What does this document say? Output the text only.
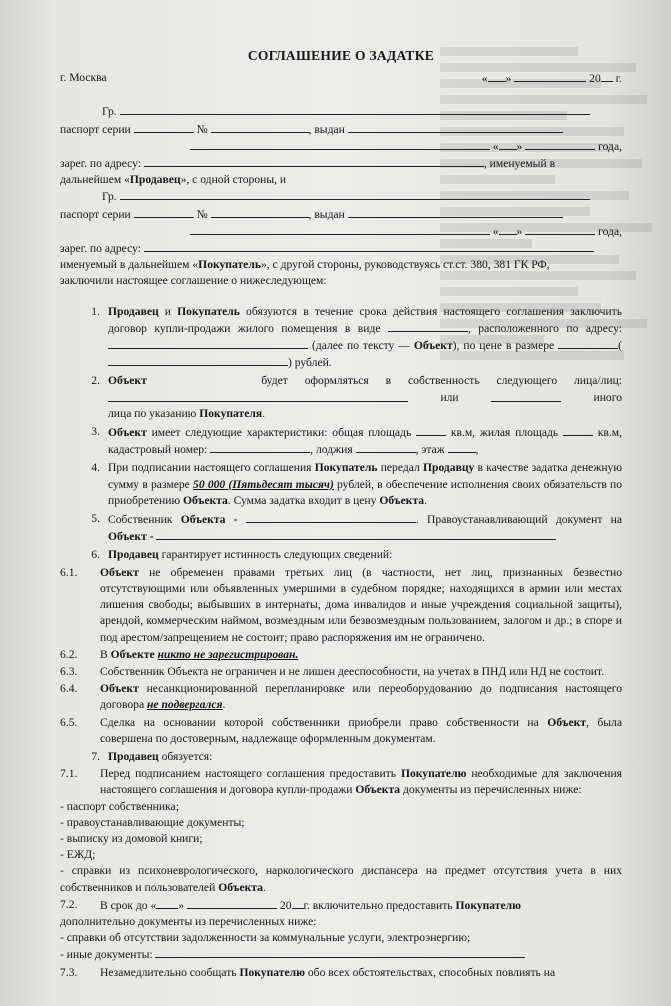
СОГЛАШЕНИЕ О ЗАДАТКЕ
г. Москва	« »	20 г.
Гр.
паспорт серии	№	, выдан
« »	года,
зарег. по адресу:	, именуемый в
дальнейшем «Продавец», с одной стороны, и
Гр.
паспорт серии	№	, выдан
« »	года,
зарег. по адресу:
именуемый в дальнейшем «Покупатель», с другой стороны, руководствуясь ст.ст. 380, 381 ГК РФ,
заключили настоящее соглашение о нижеследующем:
1. Продавец и Покупатель обязуются в течение срока действия настоящего соглашения заключить договор купли-продажи жилого помещения в виде	, расположенного по адресу:  (далее по тексту — Объект), по цене в размере	() рублей.
2. Объект	будет оформляться в собственность следующего лица/лиц:
или	иного
лица по указанию Покупателя.
3. Объект имеет следующие характеристики: общая площадь	кв.м, жилая площадь	кв.м, кадастровый номер:	, лоджия	, этаж	,
4. При подписании настоящего соглашения Покупатель передал Продавцу в качестве задатка денежную сумму в размере 50 000 (Пятьдесят тысяч) рублей, в обеспечение исполнения своих обязательств по приобретению Объекта. Сумма задатка входит в цену Объекта.
5. Собственник Объекта -	. Правоустанавливающий документ на Объект -
6. Продавец гарантирует истинность следующих сведений:
6.1.	Объект не обременен правами третьих лиц (в частности, нет лиц, признанных безвестно отсутствующими или объявленных умершими в судебном порядке; находящихся в армии или местах лишения свободы; выбывших в интернаты, дома инвалидов и иные учреждения социальной защиты), арендой, коммерческим наймом, возмездным или безвозмездным пользованием, залогом и др.; в споре и под арестом/запрещением не состоит; право распоряжения им не ограничено.
6.2.	В Объекте никто не зарегистрирован.
6.3.	Собственник Объекта не ограничен и не лишен дееспособности, на учетах в ПНД или НД не состоит.
6.4.	Объект несанкционированной перепланировке или переоборудованию до подписания настоящего договора не подвергался.
6.5.	Сделка на основании которой собственники приобрели право собственности на Объект, была совершена по достоверным, надлежаще оформленным документам.
7. Продавец обязуется:
7.1.	Перед подписанием настоящего соглашения предоставить Покупателю необходимые для заключения настоящего соглашения и договора купли-продажи Объекта документы из перечисленных ниже:
- паспорт собственника;
- правоустанавливающие документы;
- выписку из домовой книги;
- ЕЖД;
- справки из психоневрологического, наркологического диспансера на предмет отсутствия учета в них собственников и пользователей Объекта.
7.2.	В срок до « »	20 г. включительно предоставить Покупателю
дополнительно документы из перечисленных ниже:
- справки об отсутствии задолженности за коммунальные услуги, электроэнергию;
- иные документы:
7.3.	Незамедлительно сообщать Покупателю обо всех обстоятельствах, способных повлиять на
